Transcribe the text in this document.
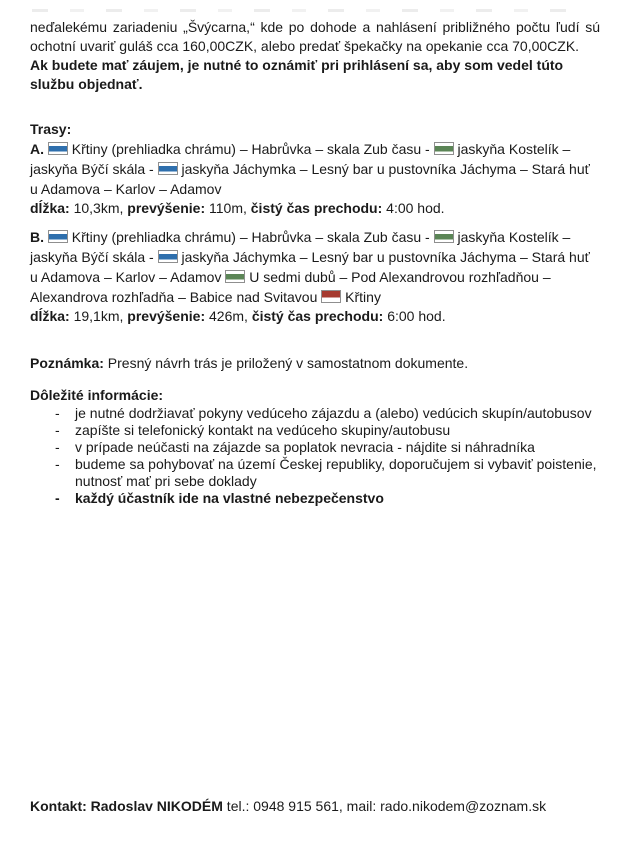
neďalekému zariadeniu „Švýcarna,“ kde po dohode a nahlásení približného počtu ľudí sú ochotní uvariť guláš cca 160,00CZK, alebo predať špekačky na opekanie cca 70,00CZK.

Ak budete mať záujem, je nutné to oznámiť pri prihlásení sa, aby som vedel túto službu objednať.

Trasy:

A.  Křtiny (prehliadka chrámu) – Habrůvka – skala Zub času -  jaskyňa Kostelík –
jaskyňa Býčí skála -  jaskyňa Jáchymka – Lesný bar u pustovníka Jáchyma – Stará huť
u Adamova – Karlov – Adamov
dĺžka: 10,3km, prevýšenie: 110m, čistý čas prechodu: 4:00 hod.
B.  Křtiny (prehliadka chrámu) – Habrůvka – skala Zub času -  jaskyňa Kostelík –
jaskyňa Býčí skála -  jaskyňa Jáchymka – Lesný bar u pustovníka Jáchyma – Stará huť
u Adamova – Karlov – Adamov  U sedmi dubů – Pod Alexandrovou rozhľadňou –
Alexandrova rozhľadňa – Babice nad Svitavou  Křtiny
dĺžka: 19,1km, prevýšenie: 426m, čistý čas prechodu: 6:00 hod.

Poznámka: Presný návrh trás je priložený v samostatnom dokumente.

Dôležité informácie:

- je nutné dodržiavať pokyny vedúceho zájazdu a (alebo) vedúcich skupín/autobusov
- zapíšte si telefonický kontakt na vedúceho skupiny/autobusu
- v prípade neúčasti na zájazde sa poplatok nevracia - nájdite si náhradníka
- budeme sa pohybovať na území Českej republiky, doporučujem si vybaviť poistenie, nutnosť mať pri sebe doklady
- každý účastník ide na vlastné nebezpečenstvo

Kontakt: Radoslav NIKODÉM tel.: 0948 915 561, mail: rado.nikodem@zoznam.sk
